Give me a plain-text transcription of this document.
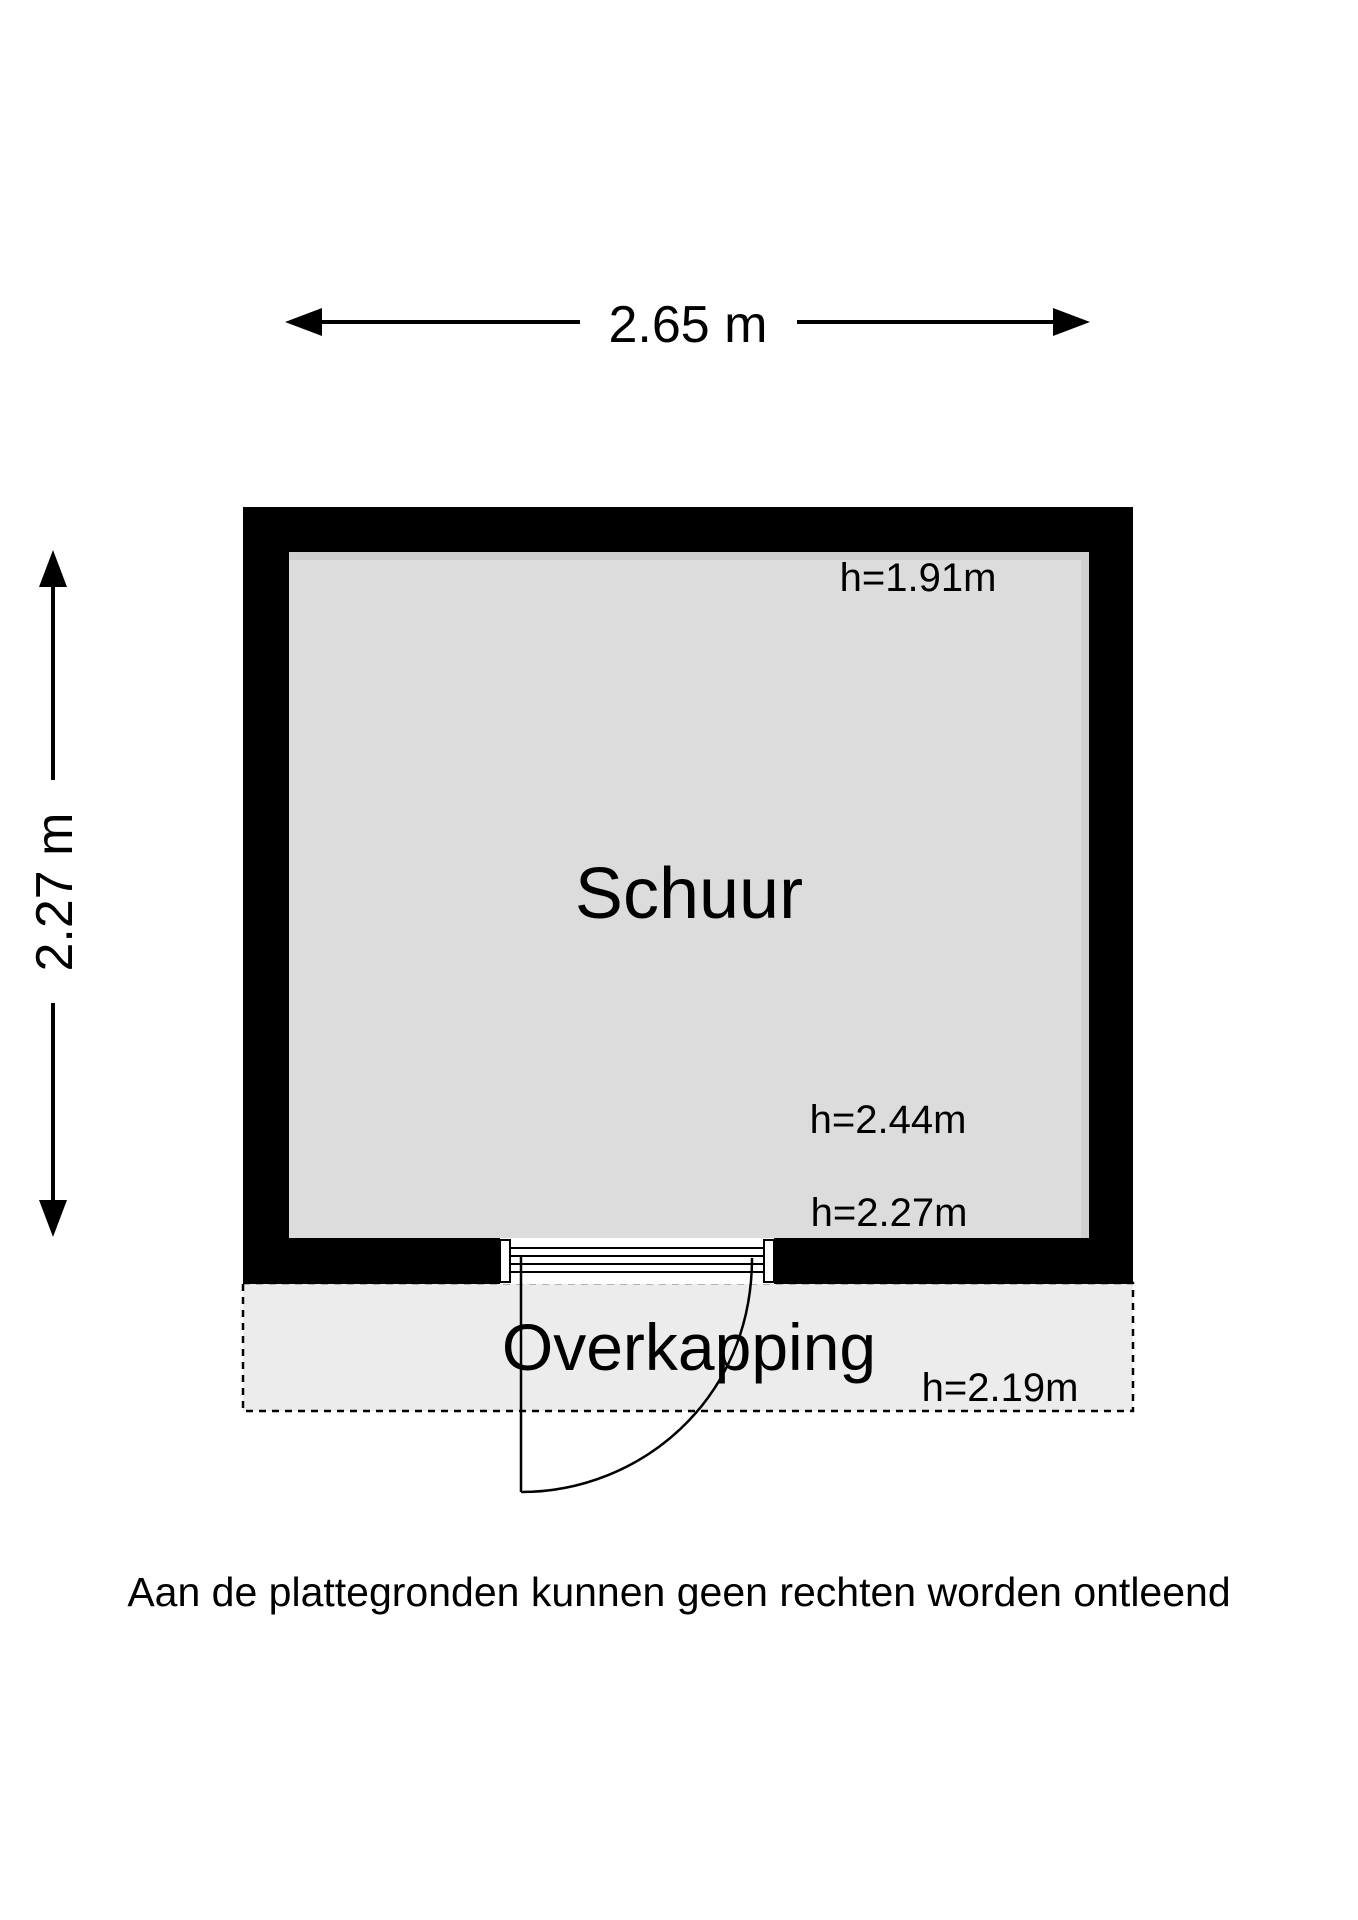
2.65 m
2.27 m	Schuur
h=1.91m
h=2.44m
h=2.27m
Overkapping
h=2.19m
Aan de plattegronden kunnen geen rechten worden ontleend
